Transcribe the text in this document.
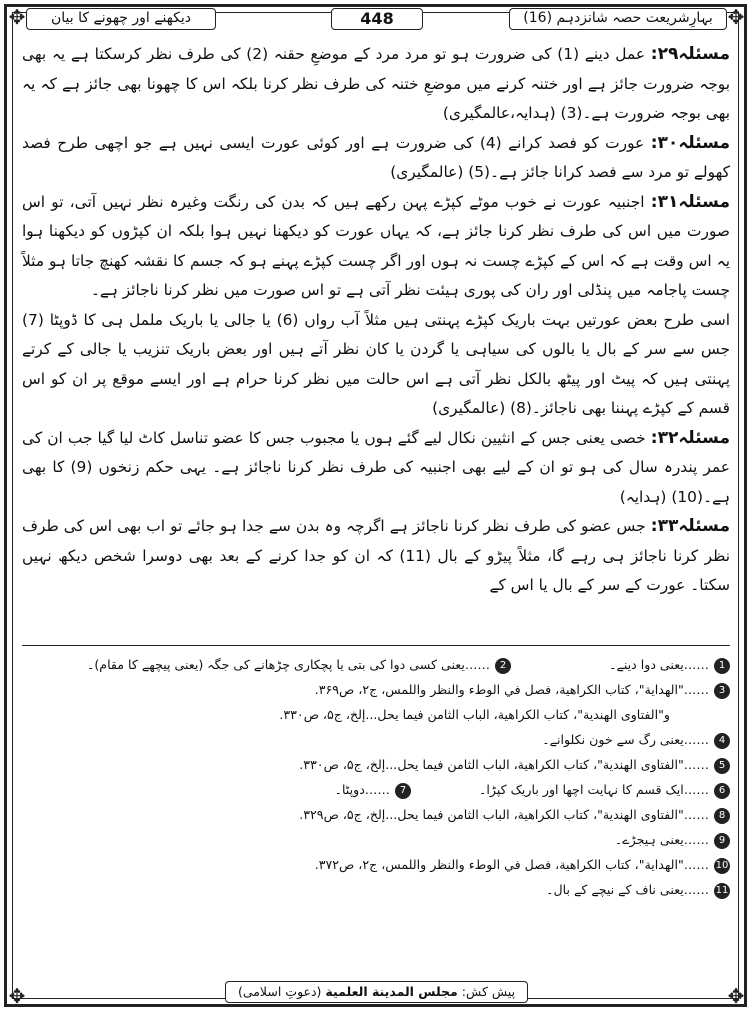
✥	✥
✥	✥
بہارِشریعت حصہ شانزدہم (16)
448
دیکھنے اور چھونے کا بیان

مسئلہ۲۹: عمل دینے (1) کی ضرورت ہو تو مرد مرد کے موضعِ حقنہ (2) کی طرف نظر کرسکتا ہے یہ بھی بوجہ ضرورت جائز ہے اور ختنہ کرنے میں موضعِ ختنہ کی طرف نظر کرنا بلکہ اس کا چھونا بھی جائز ہے کہ یہ بھی بوجہ ضرورت ہے۔(3) (ہدایہ،عالمگیری)

مسئلہ۳۰: عورت کو فصد کرانے (4) کی ضرورت ہے اور کوئی عورت ایسی نہیں ہے جو اچھی طرح فصد کھولے تو مرد سے فصد کرانا جائز ہے۔(5) (عالمگیری)

مسئلہ۳۱: اجنبیہ عورت نے خوب موٹے کپڑے پہن رکھے ہیں کہ بدن کی رنگت وغیرہ نظر نہیں آتی، تو اس صورت میں اس کی طرف نظر کرنا جائز ہے، کہ یہاں عورت کو دیکھنا نہیں ہوا بلکہ ان کپڑوں کو دیکھنا ہوا یہ اس وقت ہے کہ اس کے کپڑے چست نہ ہوں اور اگر چست کپڑے پہنے ہو کہ جسم کا نقشہ کھنچ جاتا ہو مثلاً چست پاجامہ میں پنڈلی اور ران کی پوری ہیئت نظر آتی ہے تو اس صورت میں نظر کرنا ناجائز ہے۔

اسی طرح بعض عورتیں بہت باریک کپڑے پہنتی ہیں مثلاً آب رواں (6) یا جالی یا باریک ململ ہی کا ڈوپٹا (7) جس سے سر کے بال یا بالوں کی سیاہی یا گردن یا کان نظر آتے ہیں اور بعض باریک تنزیب یا جالی کے کرتے پہنتی ہیں کہ پیٹ اور پیٹھ بالکل نظر آتی ہے اس حالت میں نظر کرنا حرام ہے اور ایسے موقع پر ان کو اس قسم کے کپڑے پہننا بھی ناجائز۔(8) (عالمگیری)

مسئلہ۳۲: خصی یعنی جس کے انثیین نکال لیے گئے ہوں یا مجبوب جس کا عضو تناسل کاٹ لیا گیا جب ان کی عمر پندرہ سال کی ہو تو ان کے لیے بھی اجنبیہ کی طرف نظر کرنا ناجائز ہے۔ یہی حکم زنخوں (9) کا بھی ہے۔(10) (ہدایہ)

مسئلہ۳۳: جس عضو کی طرف نظر کرنا ناجائز ہے اگرچہ وہ بدن سے جدا ہو جائے تو اب بھی اس کی طرف نظر کرنا ناجائز ہی رہے گا، مثلاً پیڑو کے بال (11) کہ ان کو جدا کرنے کے بعد بھی دوسرا شخص دیکھ نہیں سکتا۔ عورت کے سر کے بال یا اس کے

1……یعنی دوا دینے۔  2……یعنی کسی دوا کی بتی یا پچکاری چڑھانے کی جگہ (یعنی پیچھے کا مقام)۔
3……"الهداية"، كتاب الكراهية، فصل في الوطء والنظر واللمس، ج۲، ص۳۶۹.
و"الفتاوى الهندية"، كتاب الكراهية، الباب الثامن فيما يحل...إلخ، ج۵، ص۳۳۰.
4……یعنی رگ سے خون نکلوانے۔
5……"الفتاوى الهندية"، كتاب الكراهية، الباب الثامن فيما يحل...إلخ، ج۵، ص۳۳۰.
6……ایک قسم کا نہایت اچھا اور باریک کپڑا۔  7……دوپٹا۔
8……"الفتاوى الهندية"، كتاب الكراهية، الباب الثامن فيما يحل...إلخ، ج۵، ص۳۲۹.
9……یعنی ہیجڑے۔
10……"الهداية"، كتاب الكراهية، فصل في الوطء والنظر واللمس، ج۲، ص۳۷۲.
11……یعنی ناف کے نیچے کے بال۔
پیش کش: مجلس المدينة العلمية (دعوتِ اسلامی)
